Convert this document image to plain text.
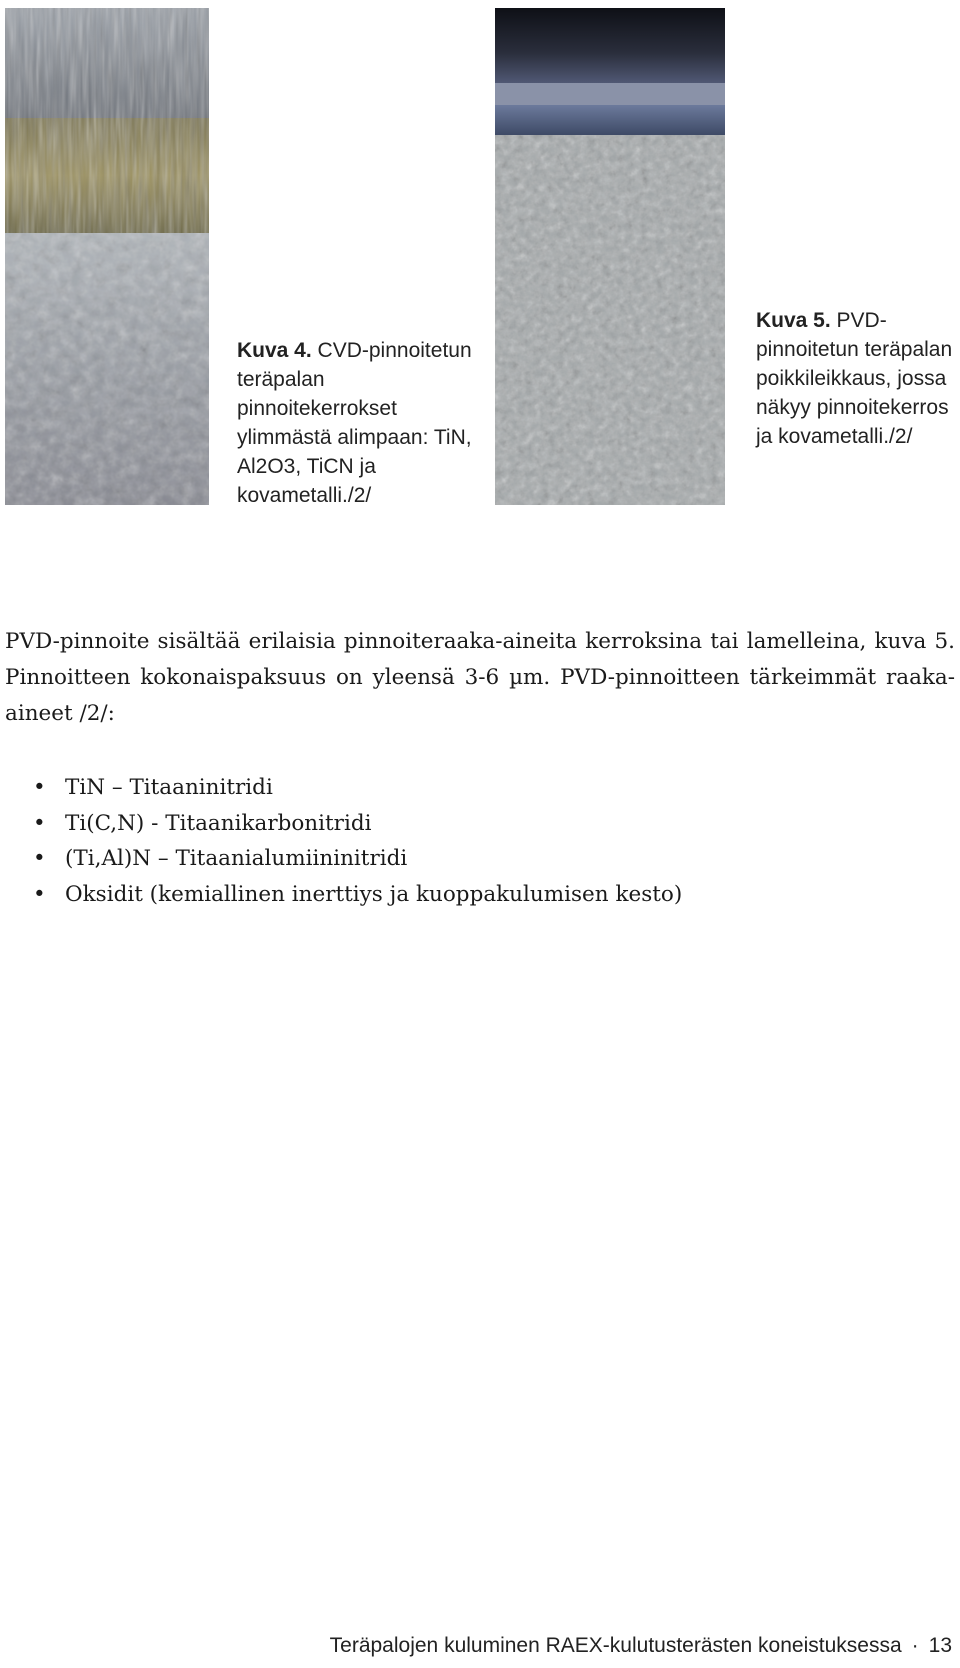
Kuva 4. CVD-pinnoitetun teräpalan pinnoitekerrokset ylimmästä alimpaan: TiN, Al2O3, TiCN ja kovametalli./2/
Kuva 5. PVD-pinnoitetun teräpalan poikkileikkaus, jossa näkyy pinnoitekerros ja kovametalli./2/

PVD-pinnoite sisältää erilaisia pinnoiteraaka-aineita kerroksina tai lamelleina, kuva 5. Pinnoitteen kokonaispaksuus on yleensä 3-6 µm. PVD-pinnoitteen tärkeimmät raaka-aineet /2/:

• TiN – Titaaninitridi
• Ti(C,N) - Titaanikarbonitridi
• (Ti,Al)N – Titaanialumiininitridi
• Oksidit (kemiallinen inerttiys ja kuoppakulumisen kesto)
Teräpalojen kuluminen RAEX-kulutusterästen koneistuksessa · 13
